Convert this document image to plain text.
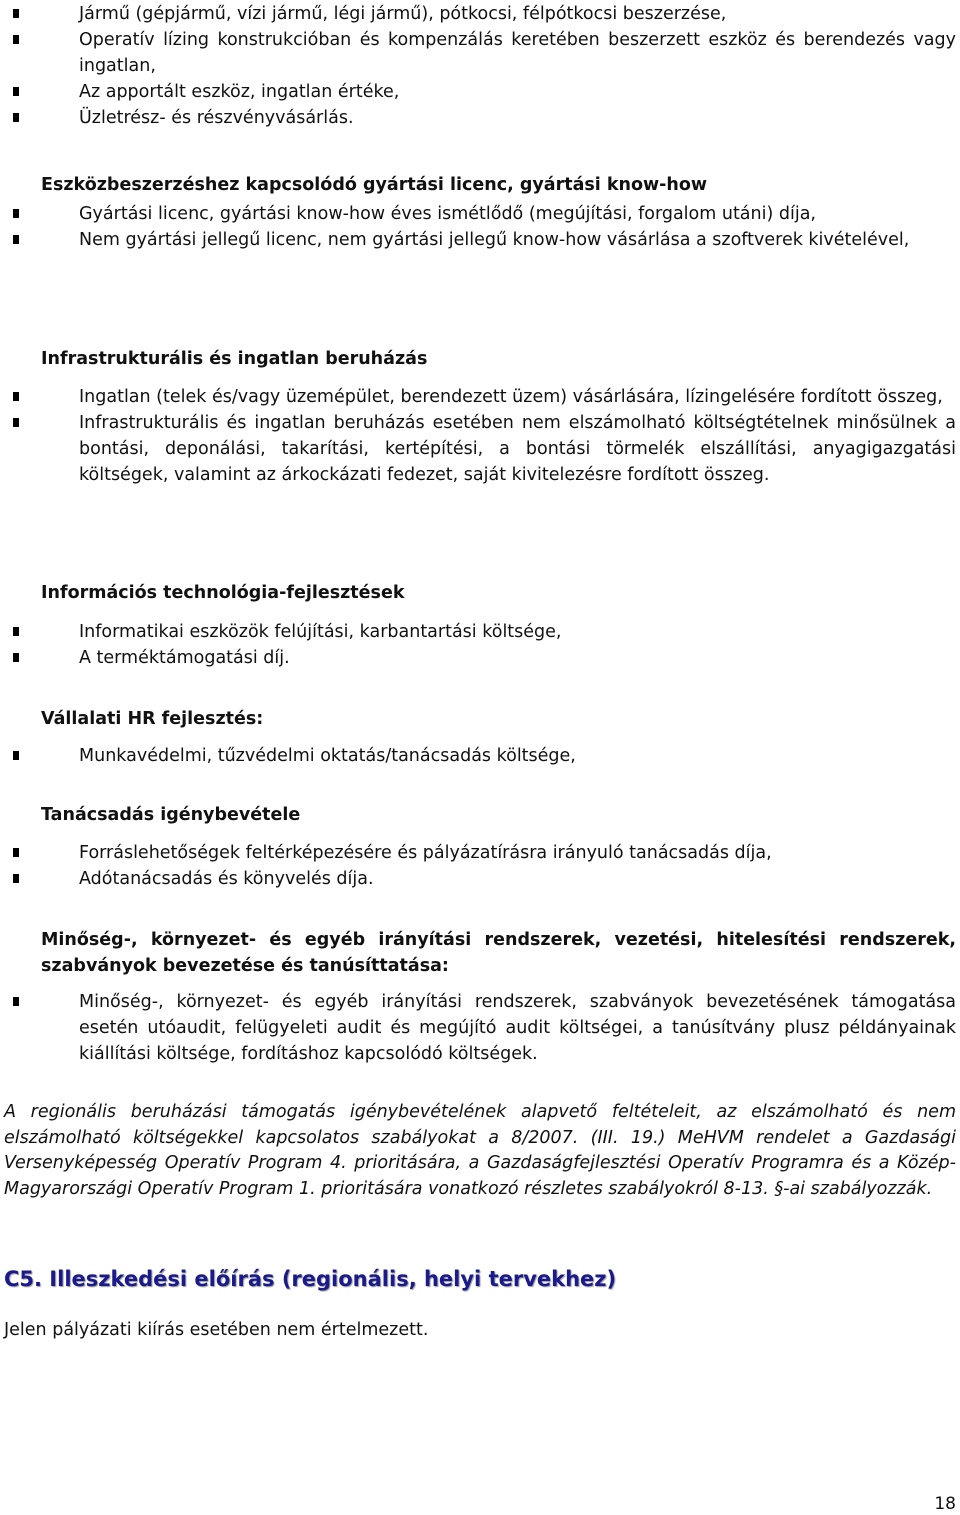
Jármű (gépjármű, vízi jármű, légi jármű), pótkocsi, félpótkocsi beszerzése,
Operatív lízing konstrukcióban és kompenzálás keretében beszerzett eszköz és berendezés vagy ingatlan,
Az apportált eszköz, ingatlan értéke,
Üzletrész- és részvényvásárlás.
Eszközbeszerzéshez kapcsolódó gyártási licenc, gyártási know-how
Gyártási licenc, gyártási know-how éves ismétlődő (megújítási, forgalom utáni) díja,
Nem gyártási jellegű licenc, nem gyártási jellegű know-how vásárlása a szoftverek kivételével,
Infrastrukturális és ingatlan beruházás
Ingatlan (telek és/vagy üzemépület, berendezett üzem) vásárlására, lízingelésére fordított összeg,
Infrastrukturális és ingatlan beruházás esetében nem elszámolható költségtételnek minősülnek a bontási, deponálási, takarítási, kertépítési, a bontási törmelék elszállítási, anyagigazgatási költségek, valamint az árkockázati fedezet, saját kivitelezésre fordított összeg.
Információs technológia-fejlesztések
Informatikai eszközök felújítási, karbantartási költsége,
A terméktámogatási díj.
Vállalati HR fejlesztés:
Munkavédelmi, tűzvédelmi oktatás/tanácsadás költsége,
Tanácsadás igénybevétele
Forráslehetőségek feltérképezésére és pályázatírásra irányuló tanácsadás díja,
Adótanácsadás és könyvelés díja.
Minőség-, környezet- és egyéb irányítási rendszerek, vezetési, hitelesítési rendszerek, szabványok bevezetése és tanúsíttatása:
Minőség-, környezet- és egyéb irányítási rendszerek, szabványok bevezetésének támogatása esetén utóaudit, felügyeleti audit és megújító audit költségei, a tanúsítvány plusz példányainak kiállítási költsége, fordításhoz kapcsolódó költségek.
A regionális beruházási támogatás igénybevételének alapvető feltételeit, az elszámolható és nem elszámolható költségekkel kapcsolatos szabályokat a 8/2007. (III. 19.) MeHVM rendelet a Gazdasági Versenyképesség Operatív Program 4. prioritására, a Gazdaságfejlesztési Operatív Programra és a Közép-Magyarországi Operatív Program 1. prioritására vonatkozó részletes szabályokról 8-13. §-ai szabályozzák.
C5. Illeszkedési előírás (regionális, helyi tervekhez)
Jelen pályázati kiírás esetében nem értelmezett.
18
